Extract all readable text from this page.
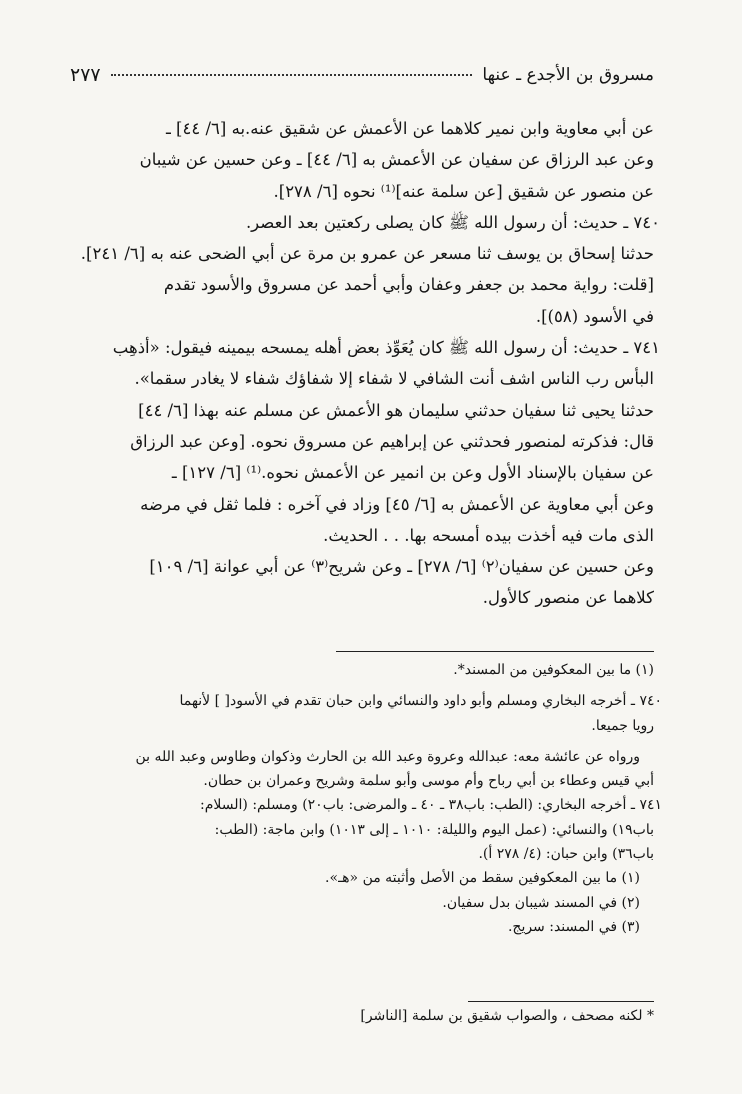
مسروق بن الأجدع ـ عنها
٢٧٧

عن أبي معاوية وابن نمير كلاهما عن الأعمش عن شقيق عنه.به [٦/ ٤٤] ـ

وعن عبد الرزاق عن سفيان عن الأعمش به [٦/ ٤٤] ـ وعن حسين عن شيبان

عن منصور عن شقيق [عن سلمة عنه]⁽¹⁾ نحوه [٦/ ٢٧٨].

٧٤٠ ـ حديث: أن رسول الله ﷺ كان يصلى ركعتين بعد العصر.

حدثنا إسحاق بن يوسف ثنا مسعر عن عمرو بن مرة عن أبي الضحى عنه به [٦/ ٢٤١].

[قلت: رواية محمد بن جعفر وعفان وأبي أحمد عن مسروق والأسود تقدم

في الأسود (٥٨)].

٧٤١ ـ حديث: أن رسول الله ﷺ كان يُعَوِّذ بعض أهله يمسحه بيمينه فيقول: «أذهِب

البأس رب الناس اشف أنت الشافي لا شفاء إلا شفاؤك شفاء لا يغادر سقما».

حدثنا يحيى ثنا سفيان حدثني سليمان هو الأعمش عن مسلم عنه بهذا [٦/ ٤٤]

قال: فذكرته لمنصور فحدثني عن إبراهيم عن مسروق نحوه. [وعن عبد الرزاق

عن سفيان بالإسناد الأول وعن بن انمير عن الأعمش نحوه.⁽¹⁾ [٦/ ١٢٧] ـ

وعن أبي معاوية عن الأعمش به [٦/ ٤٥] وزاد في آخره : فلما ثقل في مرضه

الذى مات فيه أخذت بيده أمسحه بها. . . الحديث.

وعن حسين عن سفيان⁽٢⁾ [٦/ ٢٧٨] ـ وعن شريح⁽٣⁾ عن أبي عوانة [٦/ ١٠٩]

كلاهما عن منصور كالأول.

(١) ما بين المعكوفين من المسند*.

٧٤٠ ـ أخرجه البخاري ومسلم وأبو داود والنسائي وابن حبان تقدم في الأسود[ ] لأنهما

رويا جميعا.

ورواه عن عائشة معه: عبدالله وعروة وعبد الله بن الحارث وذكوان وطاوس وعبد الله بن

أبي قيس وعطاء بن أبي رباح وأم موسى وأبو سلمة وشريح وعمران بن حطان.

٧٤١ ـ أخرجه البخاري: (الطب: باب٣٨ ـ ٤٠ ـ والمرضى: باب٢٠) ومسلم: (السلام:

باب١٩) والنسائي: (عمل اليوم والليلة: ١٠١٠ ـ إلى ١٠١٣) وابن ماجة: (الطب:

باب٣٦) وابن حبان: (٤/ ٢٧٨ أ).

(١) ما بين المعكوفين سقط من الأصل وأثبته من «هـ».

(٢) في المسند شيبان بدل سفيان.

(٣) في المسند: سريج.

* لكنه مصحف ، والصواب شقيق بن سلمة [الناشر]
